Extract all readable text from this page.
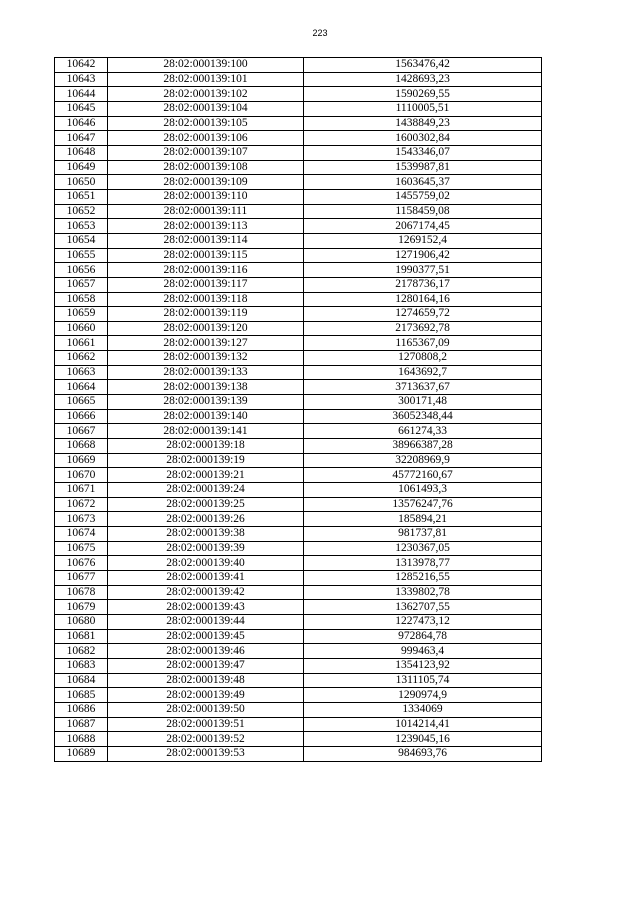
223
10642	28:02:000139:100	1563476,42
10643	28:02:000139:101	1428693,23
10644	28:02:000139:102	1590269,55
10645	28:02:000139:104	1110005,51
10646	28:02:000139:105	1438849,23
10647	28:02:000139:106	1600302,84
10648	28:02:000139:107	1543346,07
10649	28:02:000139:108	1539987,81
10650	28:02:000139:109	1603645,37
10651	28:02:000139:110	1455759,02
10652	28:02:000139:111	1158459,08
10653	28:02:000139:113	2067174,45
10654	28:02:000139:114	1269152,4
10655	28:02:000139:115	1271906,42
10656	28:02:000139:116	1990377,51
10657	28:02:000139:117	2178736,17
10658	28:02:000139:118	1280164,16
10659	28:02:000139:119	1274659,72
10660	28:02:000139:120	2173692,78
10661	28:02:000139:127	1165367,09
10662	28:02:000139:132	1270808,2
10663	28:02:000139:133	1643692,7
10664	28:02:000139:138	3713637,67
10665	28:02:000139:139	300171,48
10666	28:02:000139:140	36052348,44
10667	28:02:000139:141	661274,33
10668	28:02:000139:18	38966387,28
10669	28:02:000139:19	32208969,9
10670	28:02:000139:21	45772160,67
10671	28:02:000139:24	1061493,3
10672	28:02:000139:25	13576247,76
10673	28:02:000139:26	185894,21
10674	28:02:000139:38	981737,81
10675	28:02:000139:39	1230367,05
10676	28:02:000139:40	1313978,77
10677	28:02:000139:41	1285216,55
10678	28:02:000139:42	1339802,78
10679	28:02:000139:43	1362707,55
10680	28:02:000139:44	1227473,12
10681	28:02:000139:45	972864,78
10682	28:02:000139:46	999463,4
10683	28:02:000139:47	1354123,92
10684	28:02:000139:48	1311105,74
10685	28:02:000139:49	1290974,9
10686	28:02:000139:50	1334069
10687	28:02:000139:51	1014214,41
10688	28:02:000139:52	1239045,16
10689	28:02:000139:53	984693,76
